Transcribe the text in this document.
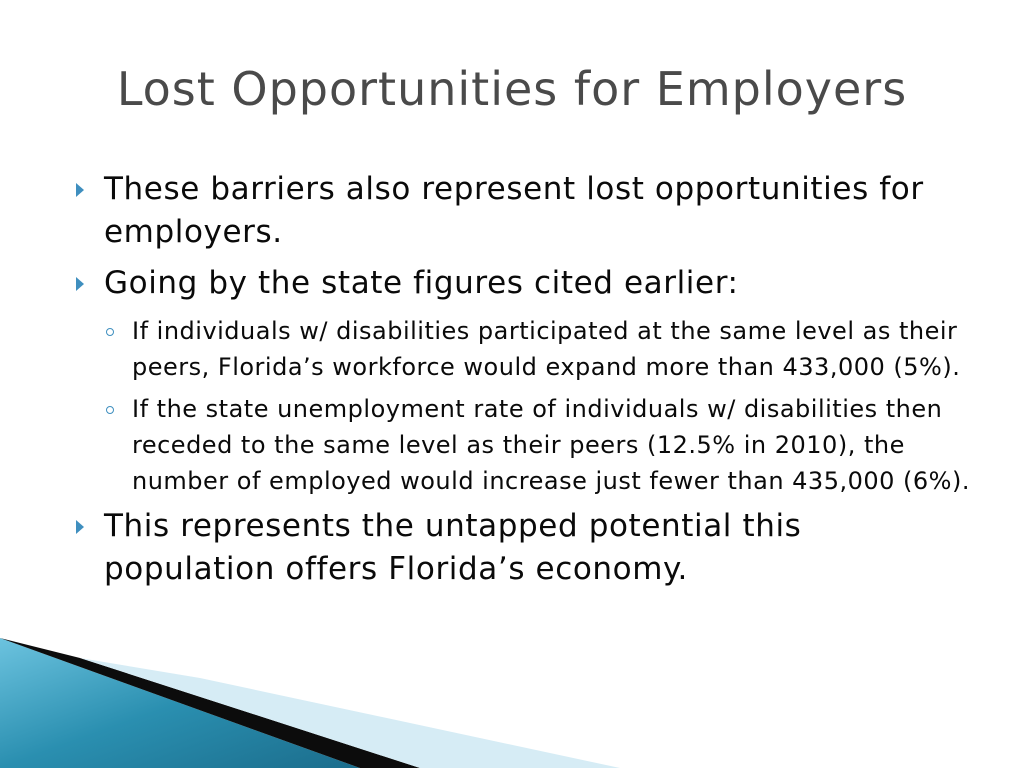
Lost Opportunities for Employers
These barriers also represent lost opportunities for employers.
Going by the state figures cited earlier:
If individuals w/ disabilities participated at the same level as their peers, Florida’s workforce would expand more than 433,000 (5%).
If the state unemployment rate of individuals w/ disabilities then receded to the same level as their peers (12.5% in 2010), the number of employed would increase just fewer than 435,000 (6%).
This represents the untapped potential this population offers Florida’s economy.
